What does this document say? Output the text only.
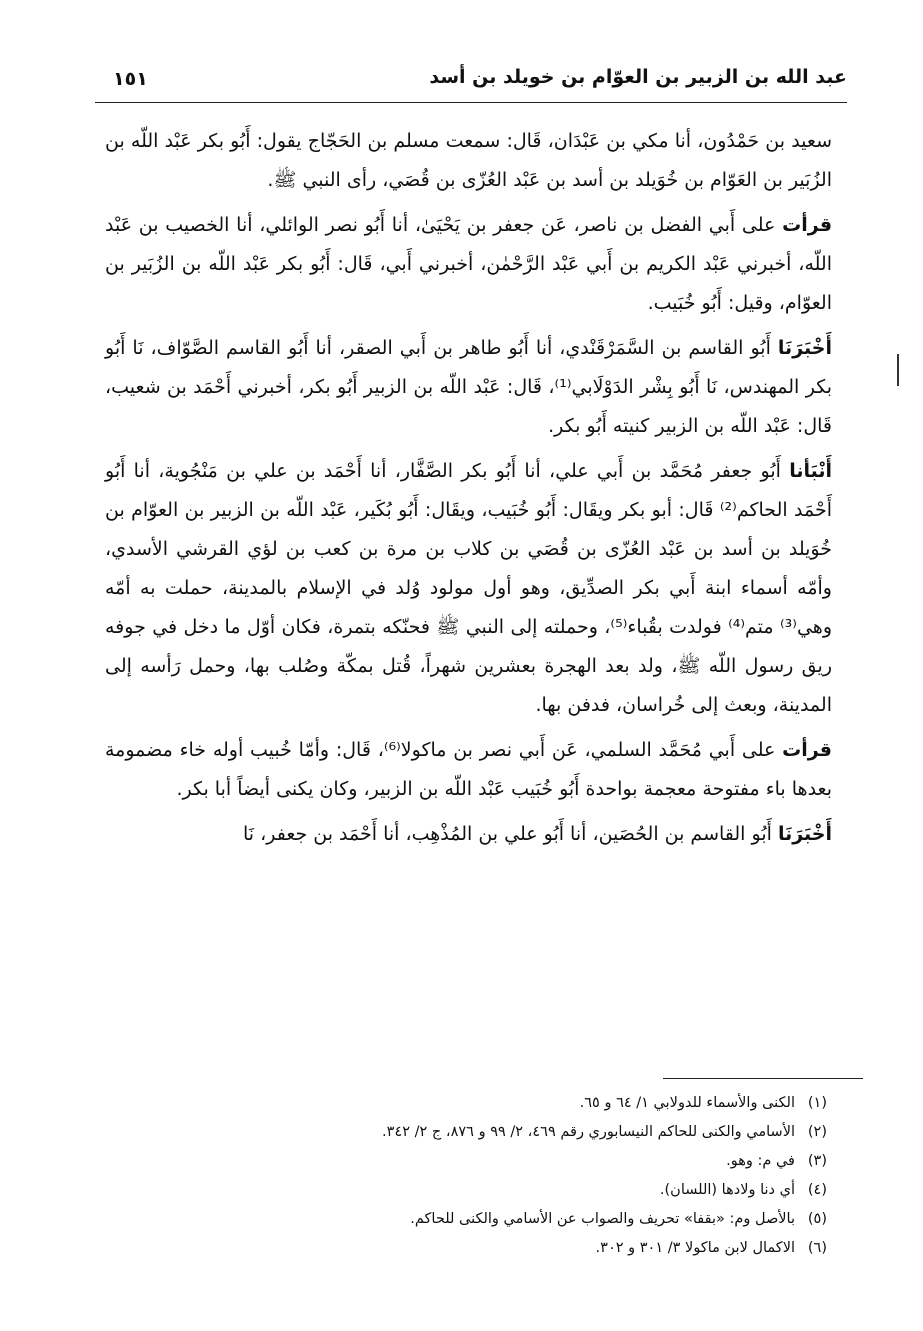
عبد الله بن الزبير بن العوّام بن خويلد بن أسد
١٥١

سعيد بن حَمْدُون، أنا مكي بن عَبْدَان، قَال: سمعت مسلم بن الحَجّاج يقول: أَبُو بكر عَبْد اللّه بن الزُبَير بن العَوّام بن خُوَيلد بن أسد بن عَبْد العُزّى بن قُصَي، رأى النبي ﷺ.

قرأت على أَبي الفضل بن ناصر، عَن جعفر بن يَحْيَىٰ، أنا أَبُو نصر الوائلي، أنا الخصيب بن عَبْد اللّه، أخبرني عَبْد الكريم بن أَبي عَبْد الرَّحْمٰن، أخبرني أَبي، قَال: أَبُو بكر عَبْد اللّه بن الزُبَير بن العوّام، وقيل: أَبُو خُبَيب.

أَخْبَرَنَا أَبُو القاسم بن السَّمَرْقَنْدي، أنا أَبُو طاهر بن أَبي الصقر، أنا أَبُو القاسم الصَّوّاف، نَا أَبُو بكر المهندس، نَا أَبُو بِشْر الدَوْلَابي⁽¹⁾، قَال: عَبْد اللّه بن الزبير أَبُو بكر، أخبرني أَحْمَد بن شعيب، قَال: عَبْد اللّه بن الزبير كنيته أَبُو بكر.

أَنْبَأنا أَبُو جعفر مُحَمَّد بن أَبي علي، أنا أَبُو بكر الصَّفَّار، أنا أَحْمَد بن علي بن مَنْجُوية، أنا أَبُو أَحْمَد الحاكم⁽²⁾ قَال: أبو بكر ويقَال: أَبُو خُبَيب، ويقَال: أَبُو بُكَير، عَبْد اللّه بن الزبير بن العوّام بن خُوَيلد بن أسد بن عَبْد العُزّى بن قُصَي بن كلاب بن مرة بن كعب بن لؤي القرشي الأسدي، وأمّه أسماء ابنة أَبي بكر الصدِّيق، وهو أول مولود وُلد في الإسلام بالمدينة، حملت به أمّه وهي⁽³⁾ متم⁽⁴⁾ فولدت بقُباء⁽⁵⁾، وحملته إلى النبي ﷺ فحنّكه بتمرة، فكان أوّل ما دخل في جوفه ريق رسول اللّه ﷺ، ولد بعد الهجرة بعشرين شهراً، قُتل بمكّة وصُلب بها، وحمل رَأسه إلى المدينة، وبعث إلى خُراسان، فدفن بها.

قرأت على أَبي مُحَمَّد السلمي، عَن أَبي نصر بن ماكولا⁽⁶⁾، قَال: وأمّا خُبيب أوله خاء مضمومة بعدها باء مفتوحة معجمة بواحدة أَبُو خُبَيب عَبْد اللّه بن الزبير، وكان يكنى أيضاً أبا بكر.

أَخْبَرَنَا أَبُو القاسم بن الحُصَين، أنا أَبُو علي بن المُذْهِب، أنا أَحْمَد بن جعفر، نَا

(١)الكنى والأسماء للدولابي ١/ ٦٤ و ٦٥.
(٢)الأسامي والكنى للحاكم النيسابوري رقم ٤٦٩، ٢/ ٩٩ و ٨٧٦، ج ٢/ ٣٤٢.
(٣)في م: وهو.
(٤)أي دنا ولادها (اللسان).
(٥)بالأصل وم: «بقفا» تحريف والصواب عن الأسامي والكنى للحاكم.
(٦)الاكمال لابن ماكولا ٣/ ٣٠١ و ٣٠٢.
